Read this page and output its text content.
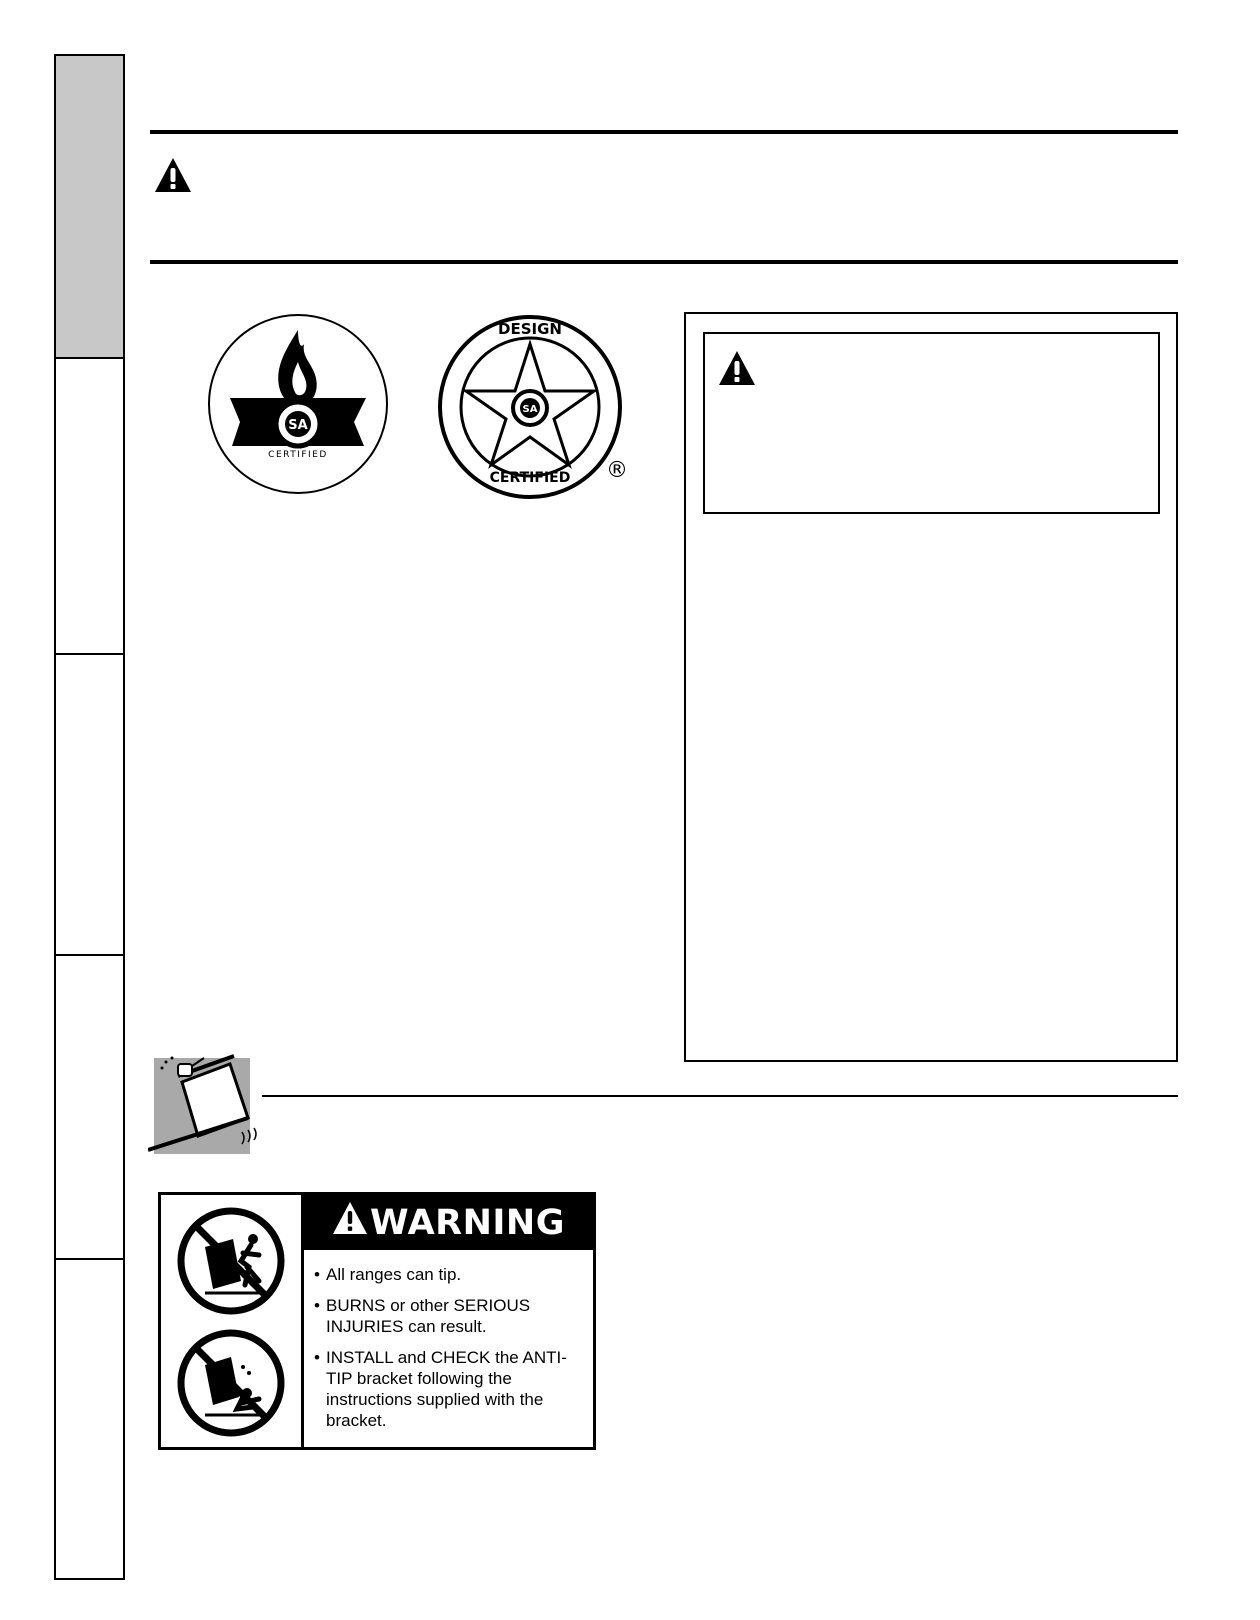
SA
CERTIFIED
SA
DESIGN
CERTIFIED	®
WARNING
• All ranges can tip.
• BURNS or other SERIOUS INJURIES can result.
• INSTALL and CHECK the ANTI-TIP bracket following the instructions supplied with the bracket.
